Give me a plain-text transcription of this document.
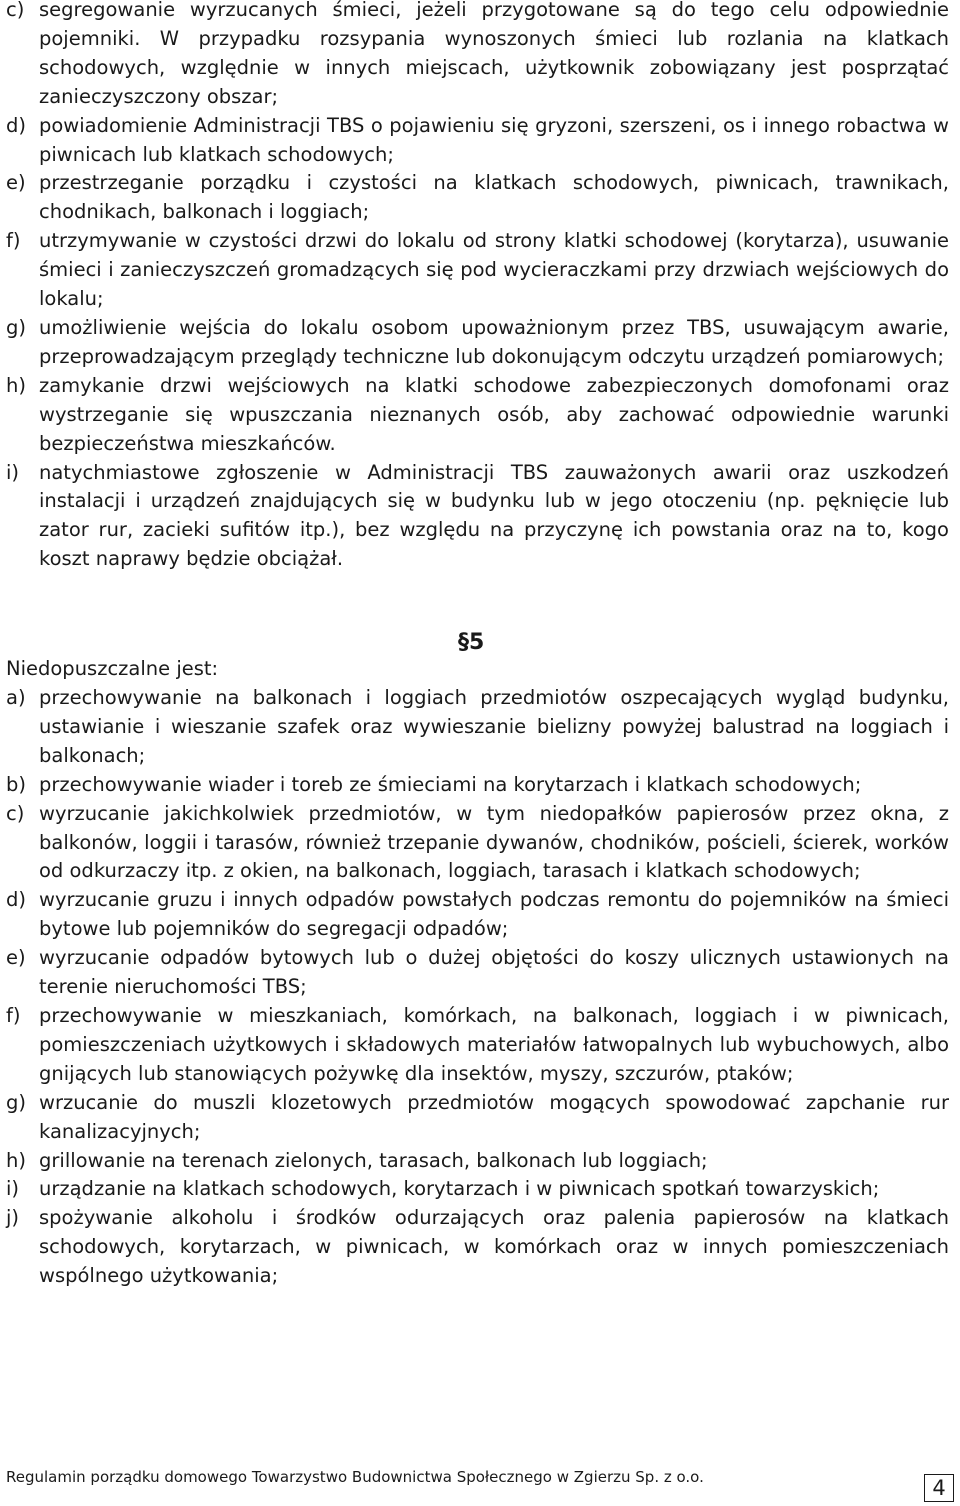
c) segregowanie wyrzucanych śmieci, jeżeli przygotowane są do tego celu odpowiednie pojemniki. W przypadku rozsypania wynoszonych śmieci lub rozlania na klatkach schodowych, względnie w innych miejscach, użytkownik zobowiązany jest posprzątać zanieczyszczony obszar;
d) powiadomienie Administracji TBS o pojawieniu się gryzoni, szerszeni, os i innego robactwa w piwnicach lub klatkach schodowych;
e) przestrzeganie porządku i czystości na klatkach schodowych, piwnicach, trawnikach, chodnikach, balkonach i loggiach;
f) utrzymywanie w czystości drzwi do lokalu od strony klatki schodowej (korytarza), usuwanie śmieci i zanieczyszczeń gromadzących się pod wycieraczkami przy drzwiach wejściowych do lokalu;
g) umożliwienie wejścia do lokalu osobom upoważnionym przez TBS, usuwającym awarie, przeprowadzającym przeglądy techniczne lub dokonującym odczytu urządzeń pomiarowych;
h) zamykanie drzwi wejściowych na klatki schodowe zabezpieczonych domofonami oraz wystrzeganie się wpuszczania nieznanych osób, aby zachować odpowiednie warunki bezpieczeństwa mieszkańców.
i)	natychmiastowe zgłoszenie w Administracji TBS zauważonych awarii oraz uszkodzeń instalacji i urządzeń znajdujących się w budynku lub w jego otoczeniu (np. pęknięcie lub zator rur, zacieki sufitów itp.), bez względu na przyczynę ich powstania oraz na to, kogo koszt naprawy będzie obciążał.
§5
Niedopuszczalne jest:
a) przechowywanie na balkonach i loggiach przedmiotów oszpecających wygląd budynku, ustawianie i wieszanie szafek oraz wywieszanie bielizny powyżej balustrad na loggiach i balkonach;
b) przechowywanie wiader i toreb ze śmieciami na korytarzach i klatkach schodowych;
c) wyrzucanie jakichkolwiek przedmiotów, w tym niedopałków papierosów przez okna, z balkonów, loggii i tarasów, również trzepanie dywanów, chodników, pościeli, ścierek, worków od odkurzaczy itp. z okien, na balkonach, loggiach, tarasach i klatkach schodowych;
d) wyrzucanie gruzu i innych odpadów powstałych podczas remontu do pojemników na śmieci bytowe lub pojemników do segregacji odpadów;
e) wyrzucanie odpadów bytowych lub o dużej objętości do koszy ulicznych ustawionych na terenie nieruchomości TBS;
f) przechowywanie w mieszkaniach, komórkach, na balkonach, loggiach i w piwnicach, pomieszczeniach użytkowych i składowych materiałów łatwopalnych lub wybuchowych, albo gnijących lub stanowiących pożywkę dla insektów, myszy, szczurów, ptaków;
g) wrzucanie do muszli klozetowych przedmiotów mogących spowodować zapchanie rur kanalizacyjnych;
h) grillowanie na terenach zielonych, tarasach, balkonach lub loggiach;
i)	urządzanie na klatkach schodowych, korytarzach i w piwnicach spotkań towarzyskich;
j)	spożywanie alkoholu i środków odurzających oraz palenia papierosów na klatkach schodowych, korytarzach, w piwnicach, w komórkach oraz w innych pomieszczeniach wspólnego użytkowania;
Regulamin porządku domowego Towarzystwo Budownictwa Społecznego w Zgierzu Sp. z o.o.	4
